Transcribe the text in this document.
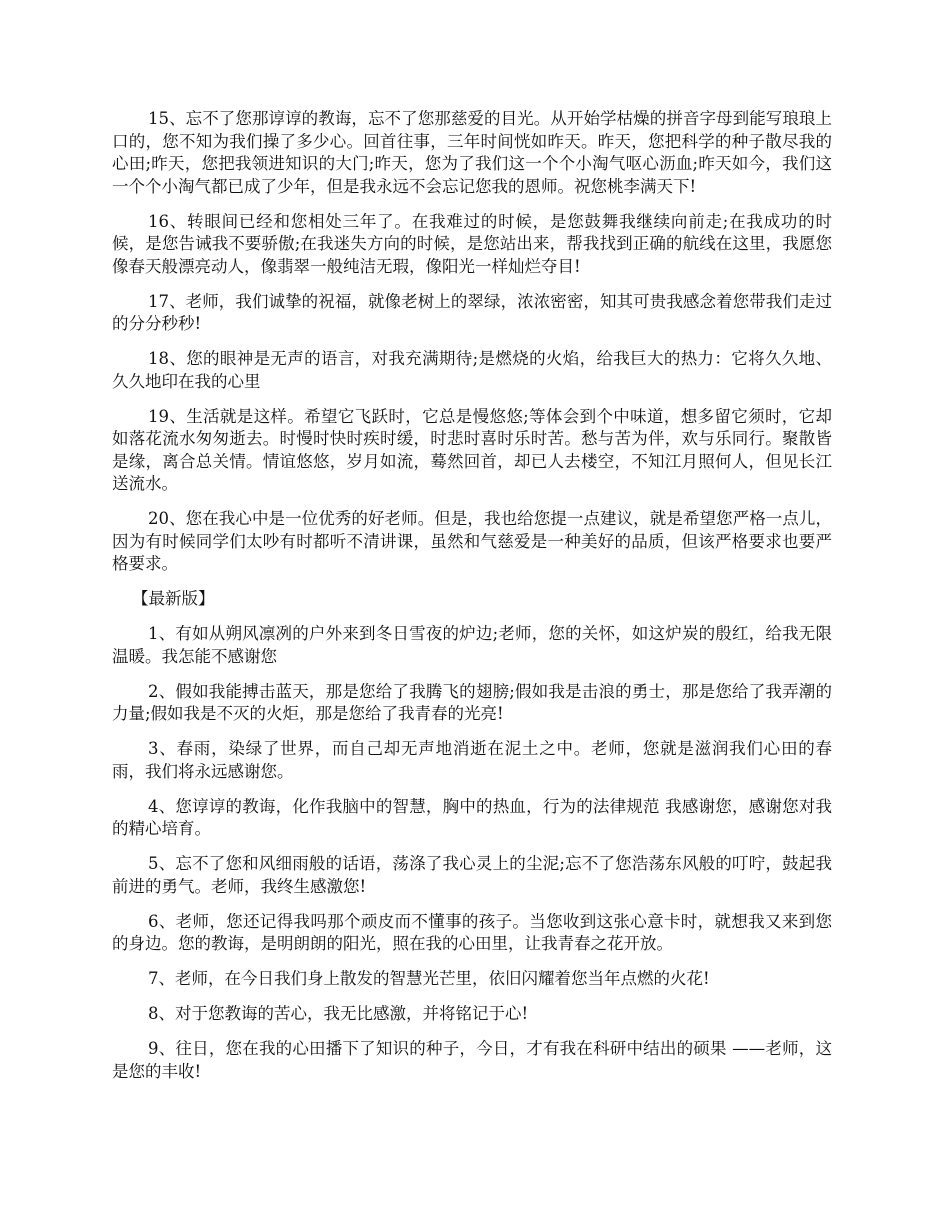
15、忘不了您那谆谆的教诲，忘不了您那慈爱的目光。从开始学枯燥的拼音字母到能写琅琅上口的，您不知为我们操了多少心。回首往事，三年时间恍如昨天。昨天，您把科学的种子散尽我的心田;昨天，您把我领进知识的大门;昨天，您为了我们这一个个小淘气呕心沥血;昨天如今，我们这一个个小淘气都已成了少年，但是我永远不会忘记您我的恩师。祝您桃李满天下!

16、转眼间已经和您相处三年了。在我难过的时候，是您鼓舞我继续向前走;在我成功的时候，是您告诫我不要骄傲;在我迷失方向的时候，是您站出来，帮我找到正确的航线在这里，我愿您像春天般漂亮动人，像翡翠一般纯洁无瑕，像阳光一样灿烂夺目!

17、老师，我们诚挚的祝福，就像老树上的翠绿，浓浓密密，知其可贵我感念着您带我们走过的分分秒秒!

18、您的眼神是无声的语言，对我充满期待;是燃烧的火焰，给我巨大的热力：它将久久地、久久地印在我的心里

19、生活就是这样。希望它飞跃时，它总是慢悠悠;等体会到个中味道，想多留它须时，它却如落花流水匆匆逝去。时慢时快时疾时缓，时悲时喜时乐时苦。愁与苦为伴，欢与乐同行。聚散皆是缘，离合总关情。情谊悠悠，岁月如流，蓦然回首，却已人去楼空，不知江月照何人，但见长江送流水。

20、您在我心中是一位优秀的好老师。但是，我也给您提一点建议，就是希望您严格一点儿，因为有时候同学们太吵有时都听不清讲课，虽然和气慈爱是一种美好的品质，但该严格要求也要严格要求。

【最新版】

1、有如从朔风凛冽的户外来到冬日雪夜的炉边;老师，您的关怀，如这炉炭的殷红，给我无限温暖。我怎能不感谢您

2、假如我能搏击蓝天，那是您给了我腾飞的翅膀;假如我是击浪的勇士，那是您给了我弄潮的力量;假如我是不灭的火炬，那是您给了我青春的光亮!

3、春雨，染绿了世界，而自己却无声地消逝在泥土之中。老师，您就是滋润我们心田的春雨，我们将永远感谢您。

4、您谆谆的教诲，化作我脑中的智慧，胸中的热血，行为的法律规范 我感谢您，感谢您对我的精心培育。

5、忘不了您和风细雨般的话语，荡涤了我心灵上的尘泥;忘不了您浩荡东风般的叮咛，鼓起我前进的勇气。老师，我终生感激您!

6、老师，您还记得我吗那个顽皮而不懂事的孩子。当您收到这张心意卡时，就想我又来到您的身边。您的教诲，是明朗朗的阳光，照在我的心田里，让我青春之花开放。

7、老师，在今日我们身上散发的智慧光芒里，依旧闪耀着您当年点燃的火花!

8、对于您教诲的苦心，我无比感激，并将铭记于心!

9、往日，您在我的心田播下了知识的种子，今日，才有我在科研中结出的硕果 ——老师，这是您的丰收!
